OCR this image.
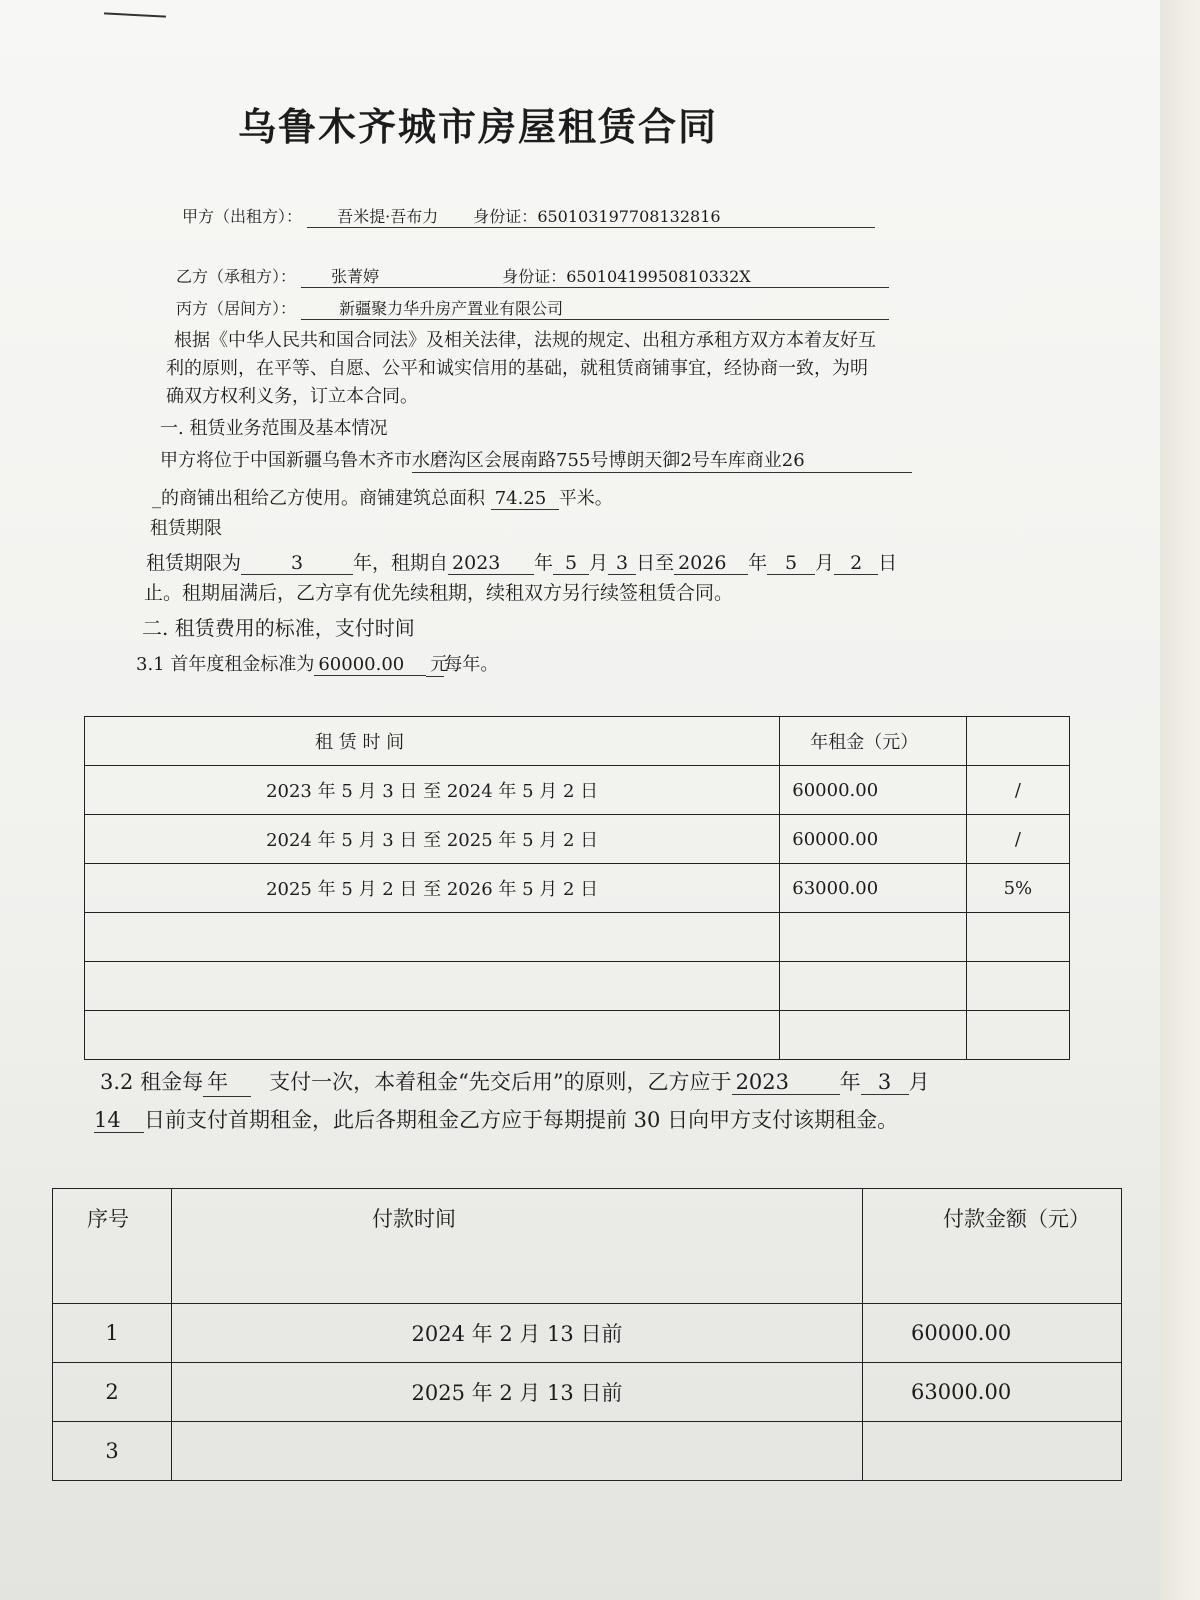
乌鲁木齐城市房屋租赁合同
甲方（出租方）： 吾米提·吾布力 身份证：650103197708132816
乙方（承租方）： 张菁婷	身份证：65010419950810332X
丙方（居间方）：	新疆聚力华升房产置业有限公司
根据《中华人民共和国合同法》及相关法律，法规的规定、出租方承租方双方本着友好互
利的原则，在平等、自愿、公平和诚实信用的基础，就租赁商铺事宜，经协商一致，为明
确双方权利义务，订立本合同。
一. 租赁业务范围及基本情况
甲方将位于中国新疆乌鲁木齐市水磨沟区会展南路755号博朗天御2号车库商业26
_的商铺出租给乙方使用。商铺建筑总面积 74.25 平米。
租赁期限
租赁期限为	3	年，租期自 2023 年 5 月 3 日至 2026 年 5 月 2 日
止。租期届满后，乙方享有优先续租期，续租双方另行续签租赁合同。
二. 租赁费用的标准，支付时间
3.1 首年度租金标准为 60000.00 元每年。
租 赁 时 间	年租金（元）	
2023 年 5 月 3 日 至 2024 年 5 月 2 日	60000.00	/
2024 年 5 月 3 日 至 2025 年 5 月 2 日	60000.00	/
2025 年 5 月 2 日 至 2026 年 5 月 2 日	63000.00	5%

3.2 租金每 年 支付一次，本着租金“先交后用”的原则，乙方应于 2023 年 3 月
14 日前支付首期租金，此后各期租金乙方应于每期提前 30 日向甲方支付该期租金。
序号	付款时间	付款金额（元）
1	2024 年 2 月 13 日前	60000.00
2	2025 年 2 月 13 日前	63000.00
3		
